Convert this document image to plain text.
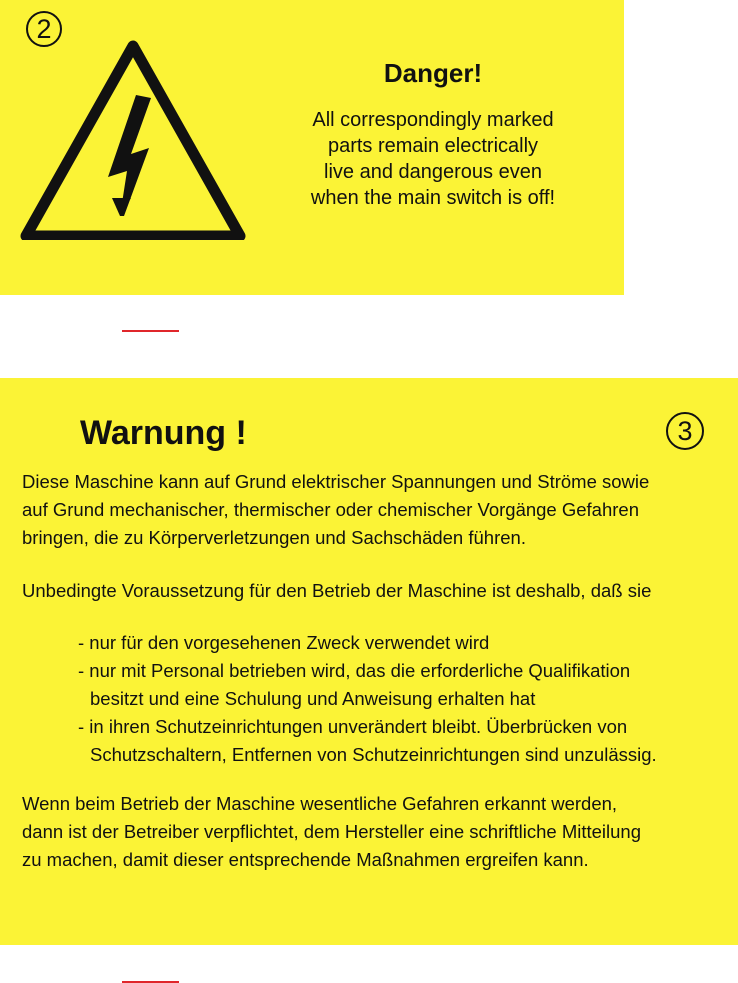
2
Danger!
All correspondingly marked
parts remain electrically
live and dangerous even
when the main switch is off!
Warnung !	3
Diese Maschine kann auf Grund elektrischer Spannungen und Ströme sowie
auf Grund mechanischer, thermischer oder chemischer Vorgänge Gefahren
bringen, die zu Körperverletzungen und Sachschäden führen.
Unbedingte Voraussetzung für den Betrieb der Maschine ist deshalb, daß sie
- nur für den vorgesehenen Zweck verwendet wird
- nur mit Personal betrieben wird, das die erforderliche Qualifikation
besitzt und eine Schulung und Anweisung erhalten hat
- in ihren Schutzeinrichtungen unverändert bleibt. Überbrücken von
Schutzschaltern, Entfernen von Schutzeinrichtungen sind unzulässig.
Wenn beim Betrieb der Maschine wesentliche Gefahren erkannt werden,
dann ist der Betreiber verpflichtet, dem Hersteller eine schriftliche Mitteilung
zu machen, damit dieser entsprechende Maßnahmen ergreifen kann.
